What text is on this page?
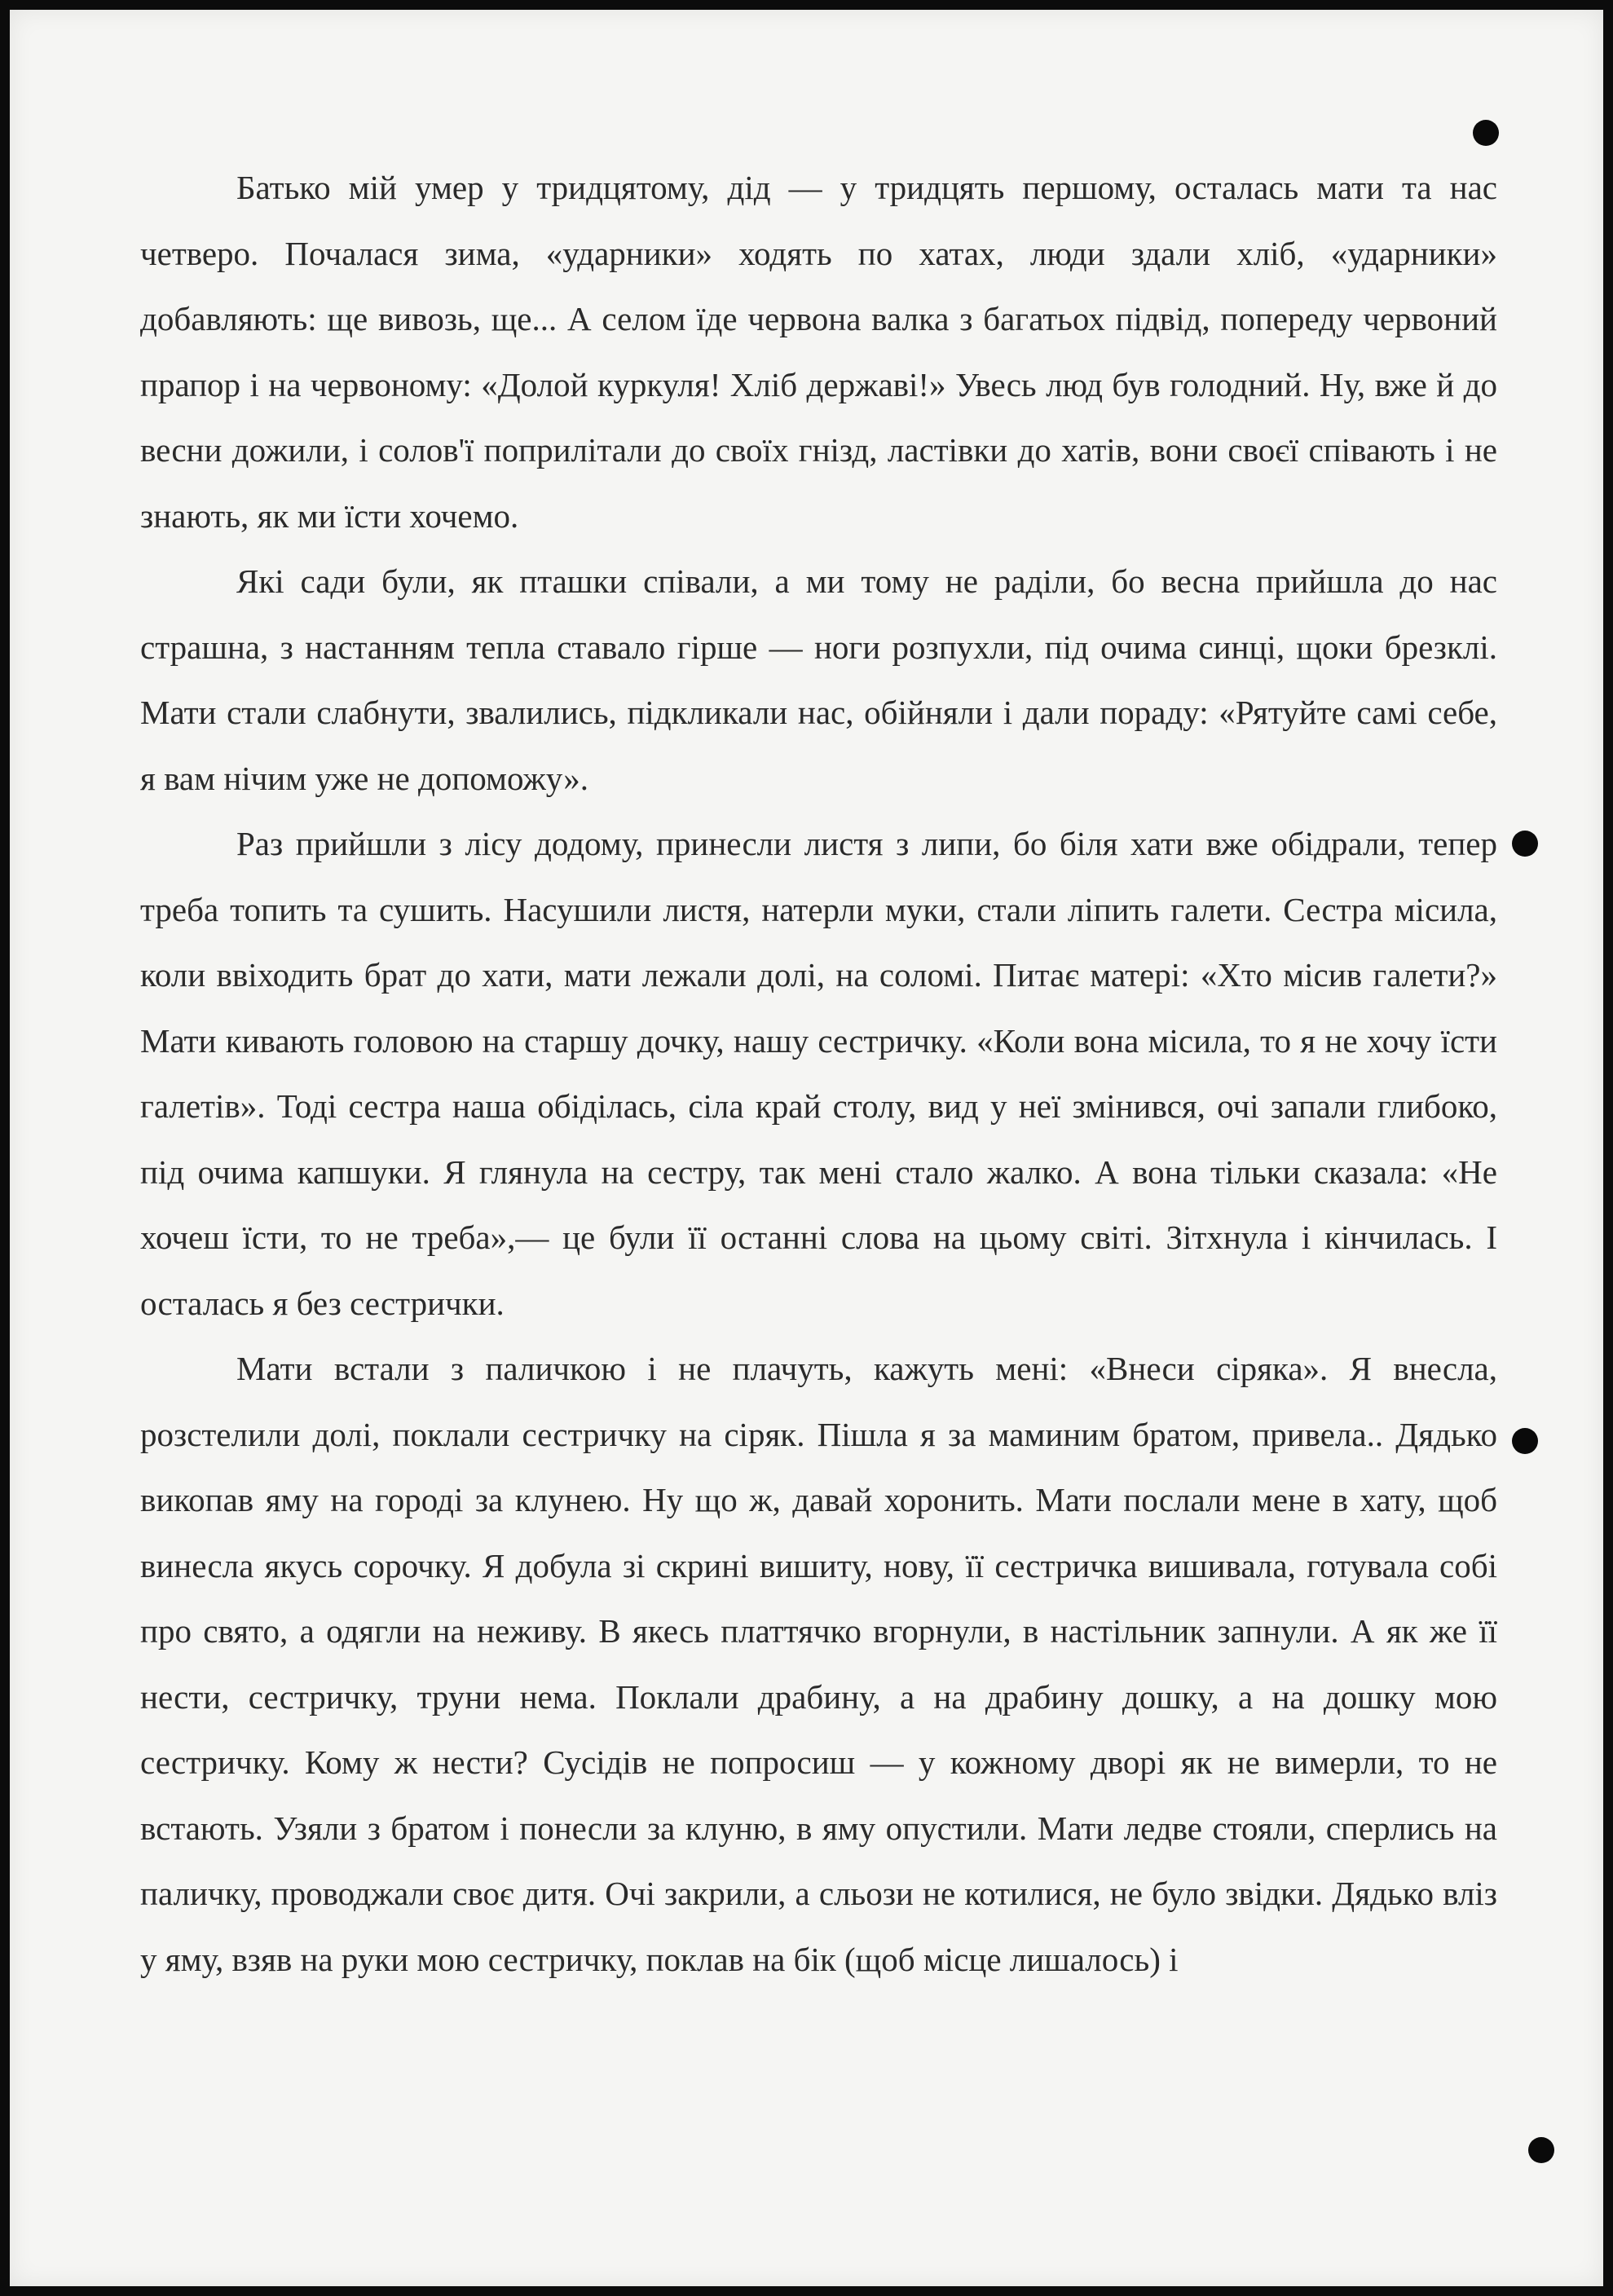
Батько мій умер у тридцятому, дід — у тридцять першому, осталась мати та нас четверо. Почалася зима, «ударники» ходять по хатах, люди здали хліб, «ударники» добавляють: ще вивозь, ще... А селом їде червона валка з багатьох підвід, попереду червоний прапор і на червоному: «Долой куркуля! Хліб державі!» Увесь люд був голодний. Ну, вже й до весни дожили, і солов'ї поприлітали до своїх гнізд, ластівки до хатів, вони своєї співають і не знають, як ми їсти хочемо.

Які сади були, як пташки співали, а ми тому не раділи, бо весна прийшла до нас страшна, з настанням тепла ставало гірше — ноги розпухли, під очима синці, щоки брезклі. Мати стали слабнути, звалились, підкликали нас, обійняли і дали пораду: «Рятуйте самі себе, я вам нічим уже не допоможу».

Раз прийшли з лісу додому, принесли листя з липи, бо біля хати вже обідрали, тепер треба топить та сушить. Насушили листя, натерли муки, стали ліпить галети. Сестра місила, коли ввіходить брат до хати, мати лежали долі, на соломі. Питає матері: «Хто місив галети?» Мати кивають головою на старшу дочку, нашу сестричку. «Коли вона місила, то я не хочу їсти галетів». Тоді сестра наша обіділась, сіла край столу, вид у неї змінився, очі запали глибоко, під очима капшуки. Я глянула на сестру, так мені стало жалко. А вона тільки сказала: «Не хочеш їсти, то не треба»,— це були її останні слова на цьому світі. Зітхнула і кінчилась. І осталась я без сестрички.

Мати встали з паличкою і не плачуть, кажуть мені: «Внеси сіряка». Я внесла, розстелили долі, поклали сестричку на сіряк. Пішла я за маминим братом, привела.. Дядько викопав яму на городі за клунею. Ну що ж, давай хоронить. Мати послали мене в хату, щоб винесла якусь сорочку. Я добула зі скрині вишиту, нову, її сестричка вишивала, готувала собі про свято, а одягли на неживу. В якесь платтячко вгорнули, в настільник запнули. А як же її нести, сестричку, труни нема. Поклали драбину, а на драбину дошку, а на дошку мою сестричку. Кому ж нести? Сусідів не попросиш — у кожному дворі як не вимерли, то не встають. Узяли з братом і понесли за клуню, в яму опустили. Мати ледве стояли, сперлись на паличку, проводжали своє дитя. Очі закрили, а сльози не котилися, не було звідки. Дядько вліз у яму, взяв на руки мою сестричку, поклав на бік (щоб місце лишалось) і
